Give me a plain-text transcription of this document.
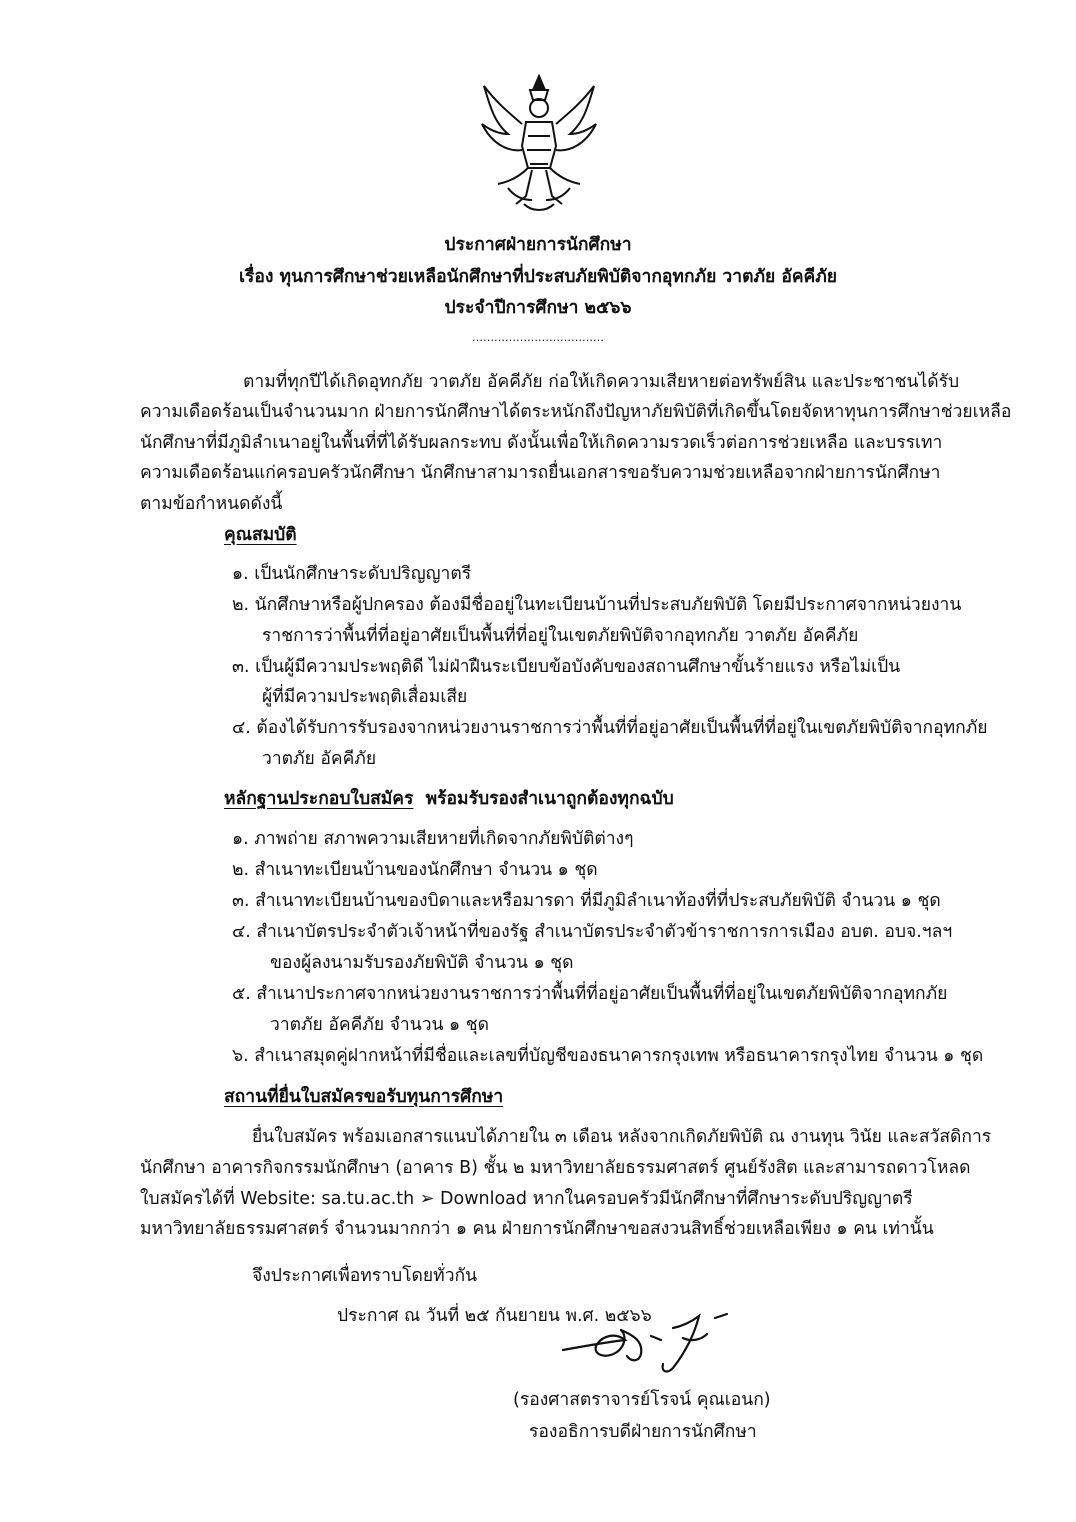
ประกาศฝ่ายการนักศึกษา
เรื่อง ทุนการศึกษาช่วยเหลือนักศึกษาที่ประสบภัยพิบัติจากอุทกภัย วาตภัย อัคคีภัย
ประจำปีการศึกษา ๒๕๖๖
………………………………
ตามที่ทุกปีได้เกิดอุทกภัย วาตภัย อัคคีภัย ก่อให้เกิดความเสียหายต่อทรัพย์สิน และประชาชนได้รับ
ความเดือดร้อนเป็นจำนวนมาก ฝ่ายการนักศึกษาได้ตระหนักถึงปัญหาภัยพิบัติที่เกิดขึ้นโดยจัดหาทุนการศึกษาช่วยเหลือ
นักศึกษาที่มีภูมิลำเนาอยู่ในพื้นที่ที่ได้รับผลกระทบ ดังนั้นเพื่อให้เกิดความรวดเร็วต่อการช่วยเหลือ และบรรเทา
ความเดือดร้อนแก่ครอบครัวนักศึกษา นักศึกษาสามารถยื่นเอกสารขอรับความช่วยเหลือจากฝ่ายการนักศึกษา
ตามข้อกำหนดดังนี้
คุณสมบัติ
๑. เป็นนักศึกษาระดับปริญญาตรี
๒. นักศึกษาหรือผู้ปกครอง ต้องมีชื่ออยู่ในทะเบียนบ้านที่ประสบภัยพิบัติ โดยมีประกาศจากหน่วยงาน
ราชการว่าพื้นที่ที่อยู่อาศัยเป็นพื้นที่ที่อยู่ในเขตภัยพิบัติจากอุทกภัย วาตภัย อัคคีภัย
๓. เป็นผู้มีความประพฤติดี ไม่ฝ่าฝืนระเบียบข้อบังคับของสถานศึกษาขั้นร้ายแรง หรือไม่เป็น
ผู้ที่มีความประพฤติเสื่อมเสีย
๔. ต้องได้รับการรับรองจากหน่วยงานราชการว่าพื้นที่ที่อยู่อาศัยเป็นพื้นที่ที่อยู่ในเขตภัยพิบัติจากอุทกภัย
วาตภัย อัคคีภัย
หลักฐานประกอบใบสมัคร พร้อมรับรองสำเนาถูกต้องทุกฉบับ
๑. ภาพถ่าย สภาพความเสียหายที่เกิดจากภัยพิบัติต่างๆ
๒. สำเนาทะเบียนบ้านของนักศึกษา จำนวน ๑ ชุด
๓. สำเนาทะเบียนบ้านของบิดาและหรือมารดา ที่มีภูมิลำเนาท้องที่ที่ประสบภัยพิบัติ จำนวน ๑ ชุด
๔. สำเนาบัตรประจำตัวเจ้าหน้าที่ของรัฐ สำเนาบัตรประจำตัวข้าราชการการเมือง อบต. อบจ.ฯลฯ
ของผู้ลงนามรับรองภัยพิบัติ จำนวน ๑ ชุด
๕. สำเนาประกาศจากหน่วยงานราชการว่าพื้นที่ที่อยู่อาศัยเป็นพื้นที่ที่อยู่ในเขตภัยพิบัติจากอุทกภัย
วาตภัย อัคคีภัย จำนวน ๑ ชุด
๖. สำเนาสมุดคู่ฝากหน้าที่มีชื่อและเลขที่บัญชีของธนาคารกรุงเทพ หรือธนาคารกรุงไทย จำนวน ๑ ชุด
สถานที่ยื่นใบสมัครขอรับทุนการศึกษา
ยื่นใบสมัคร พร้อมเอกสารแนบได้ภายใน ๓ เดือน หลังจากเกิดภัยพิบัติ ณ งานทุน วินัย และสวัสดิการ
นักศึกษา อาคารกิจกรรมนักศึกษา (อาคาร B) ชั้น ๒ มหาวิทยาลัยธรรมศาสตร์ ศูนย์รังสิต และสามารถดาวโหลด
ใบสมัครได้ที่ Website: sa.tu.ac.th ➢ Download หากในครอบครัวมีนักศึกษาที่ศึกษาระดับปริญญาตรี
มหาวิทยาลัยธรรมศาสตร์ จำนวนมากกว่า ๑ คน ฝ่ายการนักศึกษาขอสงวนสิทธิ์ช่วยเหลือเพียง ๑ คน เท่านั้น
จึงประกาศเพื่อทราบโดยทั่วกัน
ประกาศ ณ วันที่ ๒๕ กันยายน พ.ศ. ๒๕๖๖
(รองศาสตราจารย์โรจน์ คุณเอนก)
รองอธิการบดีฝ่ายการนักศึกษา
